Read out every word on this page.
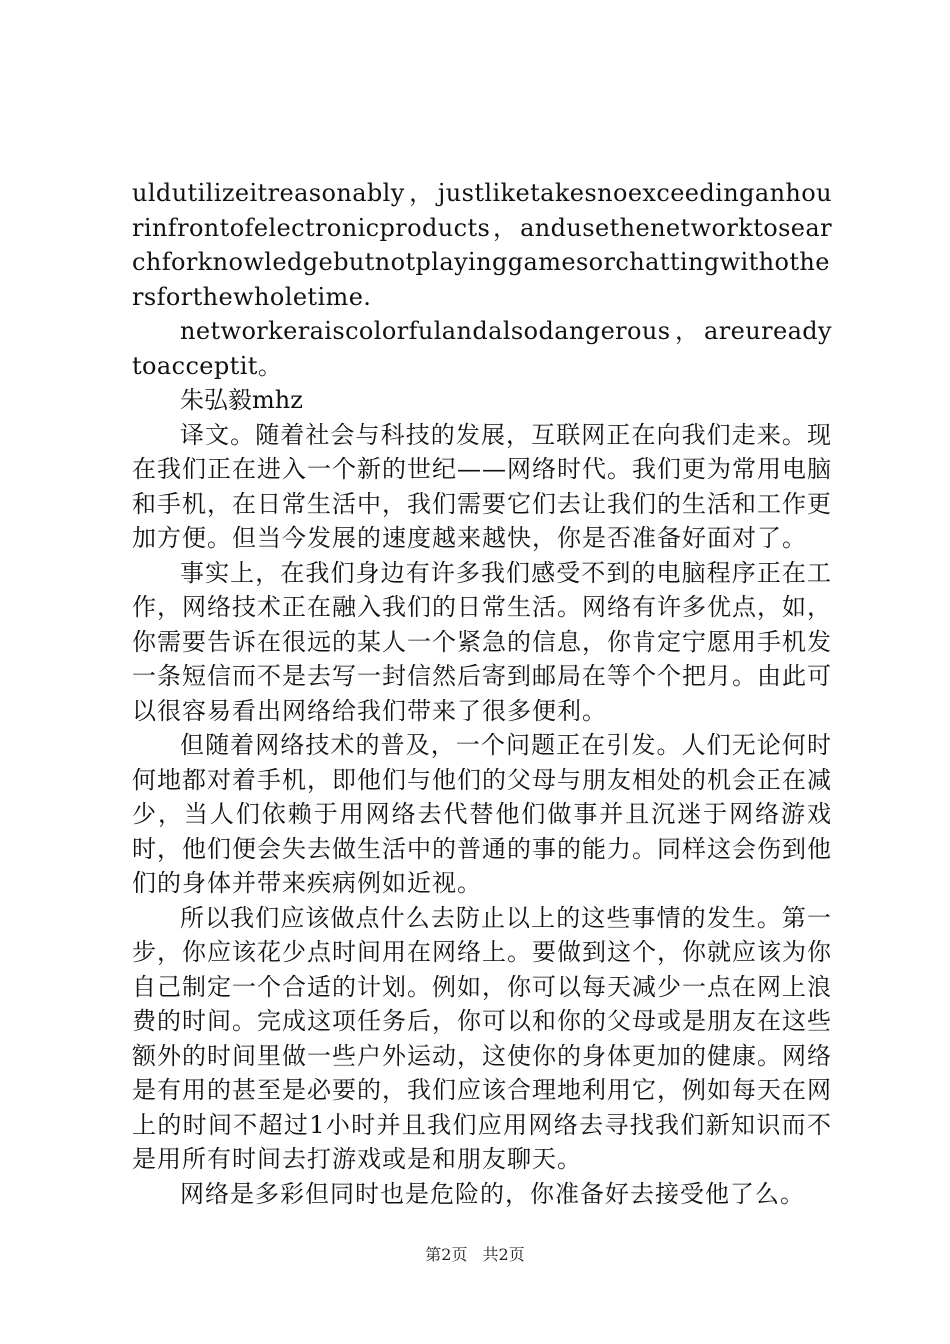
uldutilizeitreasonably，justliketakesnoexceedinganhourinfrontofelectronicproducts，andusethenetworktosearchforknowledgebutnotplayinggamesorchattingwithothersforthewholetime.

networkeraiscolorfulandalsodangerous，areureadytoacceptit。

朱弘毅mhz

译文。随着社会与科技的发展，互联网正在向我们走来。现在我们正在进入一个新的世纪——网络时代。我们更为常用电脑和手机，在日常生活中，我们需要它们去让我们的生活和工作更加方便。但当今发展的速度越来越快，你是否准备好面对了。

事实上，在我们身边有许多我们感受不到的电脑程序正在工作，网络技术正在融入我们的日常生活。网络有许多优点，如，你需要告诉在很远的某人一个紧急的信息，你肯定宁愿用手机发一条短信而不是去写一封信然后寄到邮局在等个个把月。由此可以很容易看出网络给我们带来了很多便利。

但随着网络技术的普及，一个问题正在引发。人们无论何时何地都对着手机，即他们与他们的父母与朋友相处的机会正在减少，当人们依赖于用网络去代替他们做事并且沉迷于网络游戏时，他们便会失去做生活中的普通的事的能力。同样这会伤到他们的身体并带来疾病例如近视。

所以我们应该做点什么去防止以上的这些事情的发生。第一步，你应该花少点时间用在网络上。要做到这个，你就应该为你自己制定一个合适的计划。例如，你可以每天减少一点在网上浪费的时间。完成这项任务后，你可以和你的父母或是朋友在这些额外的时间里做一些户外运动，这使你的身体更加的健康。网络是有用的甚至是必要的，我们应该合理地利用它，例如每天在网上的时间不超过1小时并且我们应用网络去寻找我们新知识而不是用所有时间去打游戏或是和朋友聊天。

网络是多彩但同时也是危险的，你准备好去接受他了么。

第2页 共2页
